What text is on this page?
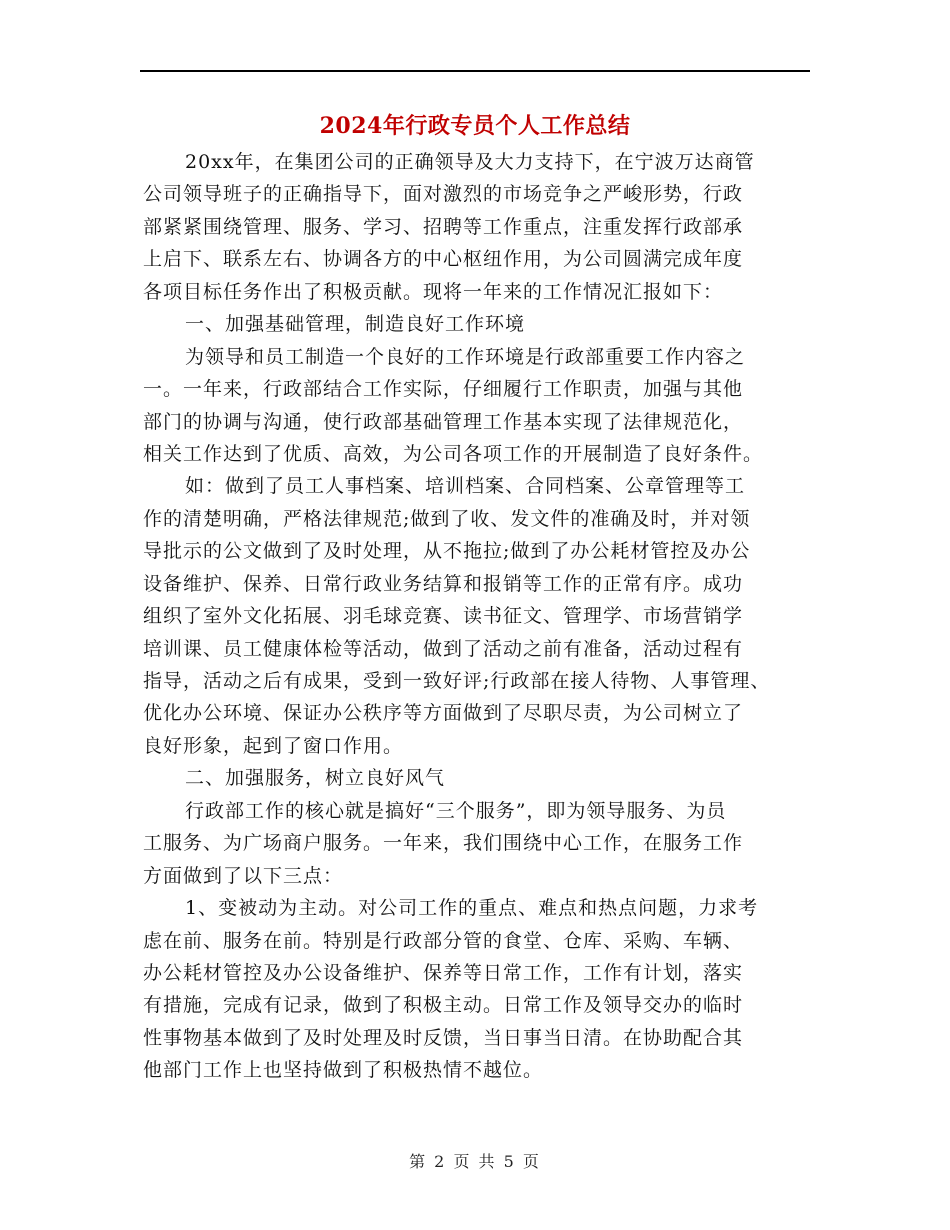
2024年行政专员个人工作总结
20xx年，在集团公司的正确领导及大力支持下，在宁波万达商管
公司领导班子的正确指导下，面对激烈的市场竞争之严峻形势，行政
部紧紧围绕管理、服务、学习、招聘等工作重点，注重发挥行政部承
上启下、联系左右、协调各方的中心枢纽作用，为公司圆满完成年度
各项目标任务作出了积极贡献。现将一年来的工作情况汇报如下：
一、加强基础管理，制造良好工作环境
为领导和员工制造一个良好的工作环境是行政部重要工作内容之
一。一年来，行政部结合工作实际，仔细履行工作职责，加强与其他
部门的协调与沟通，使行政部基础管理工作基本实现了法律规范化，
相关工作达到了优质、高效，为公司各项工作的开展制造了良好条件。
如：做到了员工人事档案、培训档案、合同档案、公章管理等工
作的清楚明确，严格法律规范;做到了收、发文件的准确及时，并对领
导批示的公文做到了及时处理，从不拖拉;做到了办公耗材管控及办公
设备维护、保养、日常行政业务结算和报销等工作的正常有序。成功
组织了室外文化拓展、羽毛球竞赛、读书征文、管理学、市场营销学
培训课、员工健康体检等活动，做到了活动之前有准备，活动过程有
指导，活动之后有成果，受到一致好评;行政部在接人待物、人事管理、
优化办公环境、保证办公秩序等方面做到了尽职尽责，为公司树立了
良好形象，起到了窗口作用。
二、加强服务，树立良好风气
行政部工作的核心就是搞好“三个服务”，即为领导服务、为员
工服务、为广场商户服务。一年来，我们围绕中心工作，在服务工作
方面做到了以下三点：
1、变被动为主动。对公司工作的重点、难点和热点问题，力求考
虑在前、服务在前。特别是行政部分管的食堂、仓库、采购、车辆、
办公耗材管控及办公设备维护、保养等日常工作，工作有计划，落实
有措施，完成有记录，做到了积极主动。日常工作及领导交办的临时
性事物基本做到了及时处理及时反馈，当日事当日清。在协助配合其
他部门工作上也坚持做到了积极热情不越位。
第 2 页 共 5 页
